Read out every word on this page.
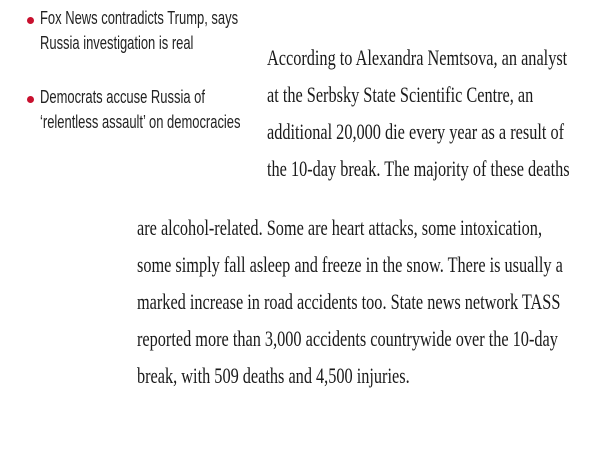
Fox News contradicts Trump, says
Russia investigation is real
Democrats accuse Russia of
‘relentless assault’ on democracies
According to Alexandra Nemtsova, an analyst
at the Serbsky State Scientific Centre, an
additional 20,000 die every year as a result of
the 10-day break. The majority of these deaths
are alcohol-related. Some are heart attacks, some intoxication,
some simply fall asleep and freeze in the snow. There is usually a
marked increase in road accidents too. State news network TASS
reported more than 3,000 accidents countrywide over the 10-day
break, with 509 deaths and 4,500 injuries.
